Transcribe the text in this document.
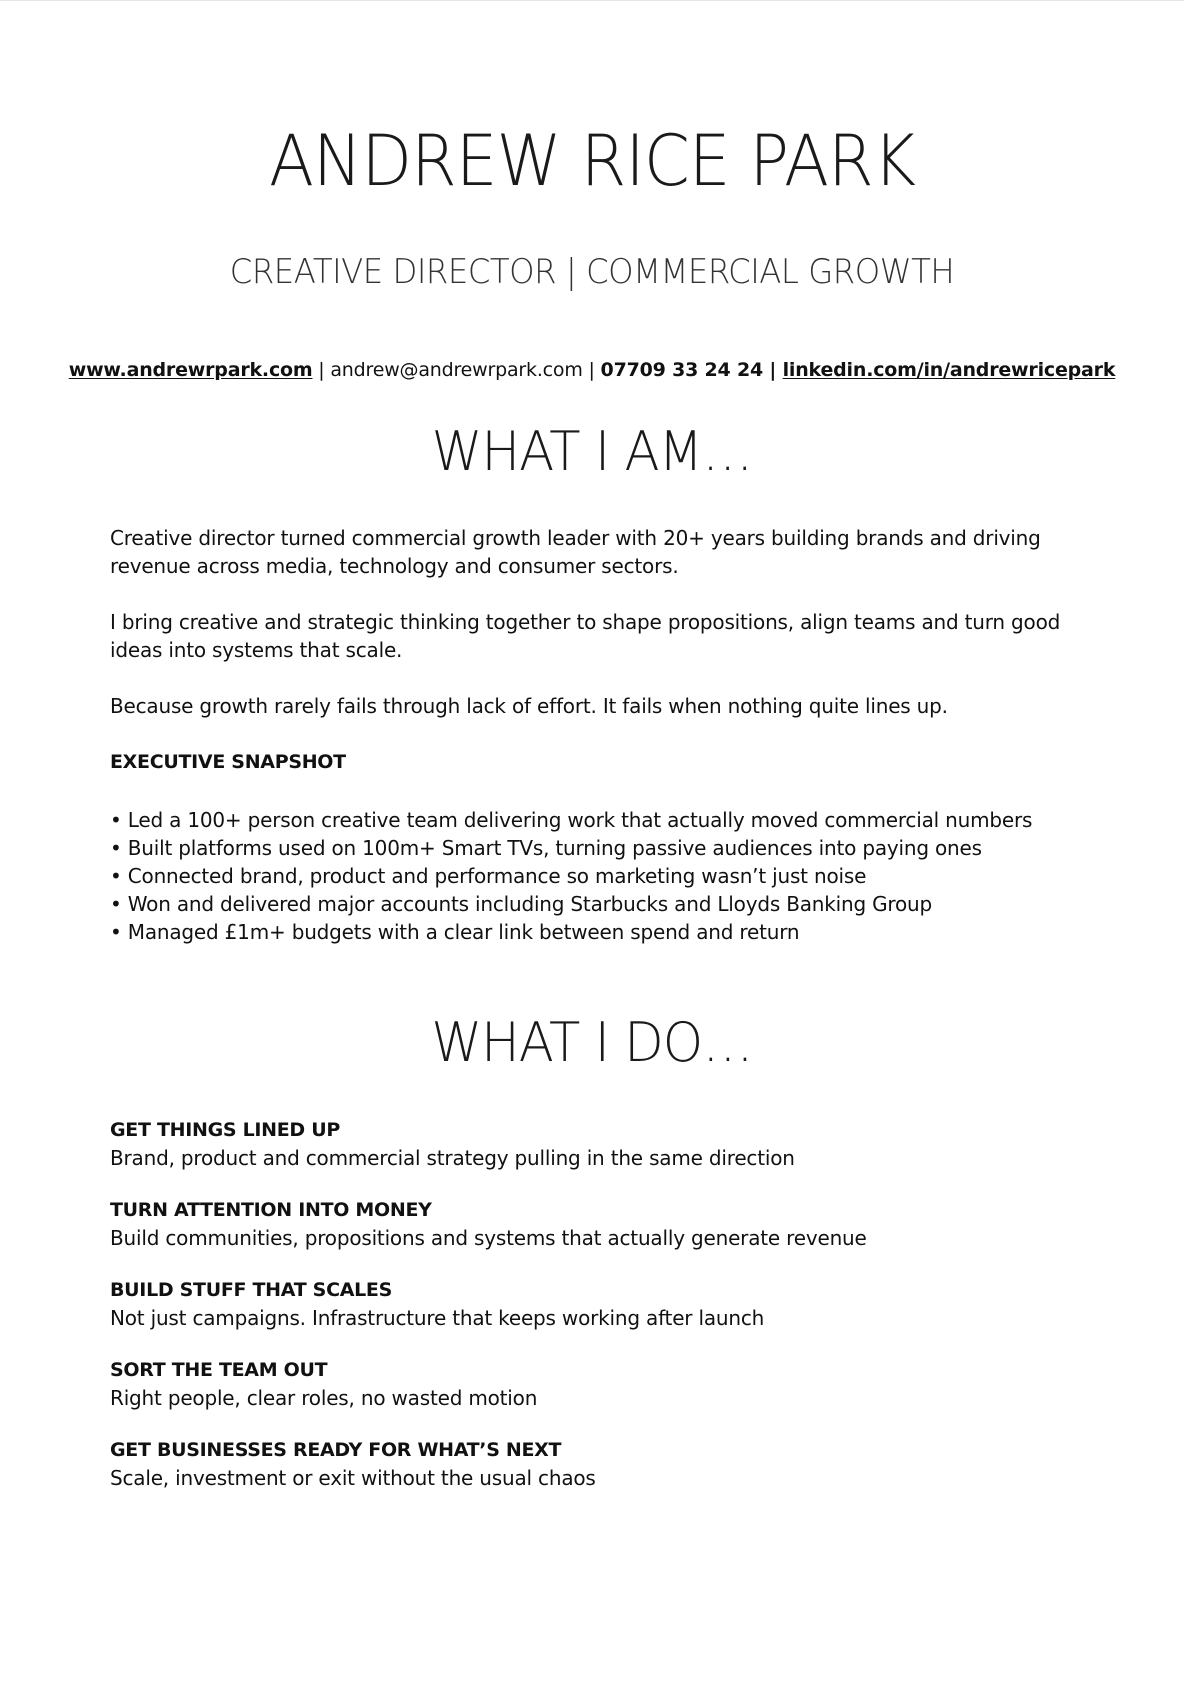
ANDREW RICE PARK
CREATIVE DIRECTOR | COMMERCIAL GROWTH
www.andrewrpark.com | andrew@andrewrpark.com | 07709 33 24 24 | linkedin.com/in/andrewricepark
WHAT I AM…

Creative director turned commercial growth leader with 20+ years building brands and driving revenue across media, technology and consumer sectors.

I bring creative and strategic thinking together to shape propositions, align teams and turn good ideas into systems that scale.

Because growth rarely fails through lack of effort. It fails when nothing quite lines up.

EXECUTIVE SNAPSHOT
• Led a 100+ person creative team delivering work that actually moved commercial numbers
• Built platforms used on 100m+ Smart TVs, turning passive audiences into paying ones
• Connected brand, product and performance so marketing wasn’t just noise
• Won and delivered major accounts including Starbucks and Lloyds Banking Group
• Managed £1m+ budgets with a clear link between spend and return
WHAT I DO…
GET THINGS LINED UP
Brand, product and commercial strategy pulling in the same direction
TURN ATTENTION INTO MONEY
Build communities, propositions and systems that actually generate revenue
BUILD STUFF THAT SCALES
Not just campaigns. Infrastructure that keeps working after launch
SORT THE TEAM OUT
Right people, clear roles, no wasted motion
GET BUSINESSES READY FOR WHAT’S NEXT
Scale, investment or exit without the usual chaos
